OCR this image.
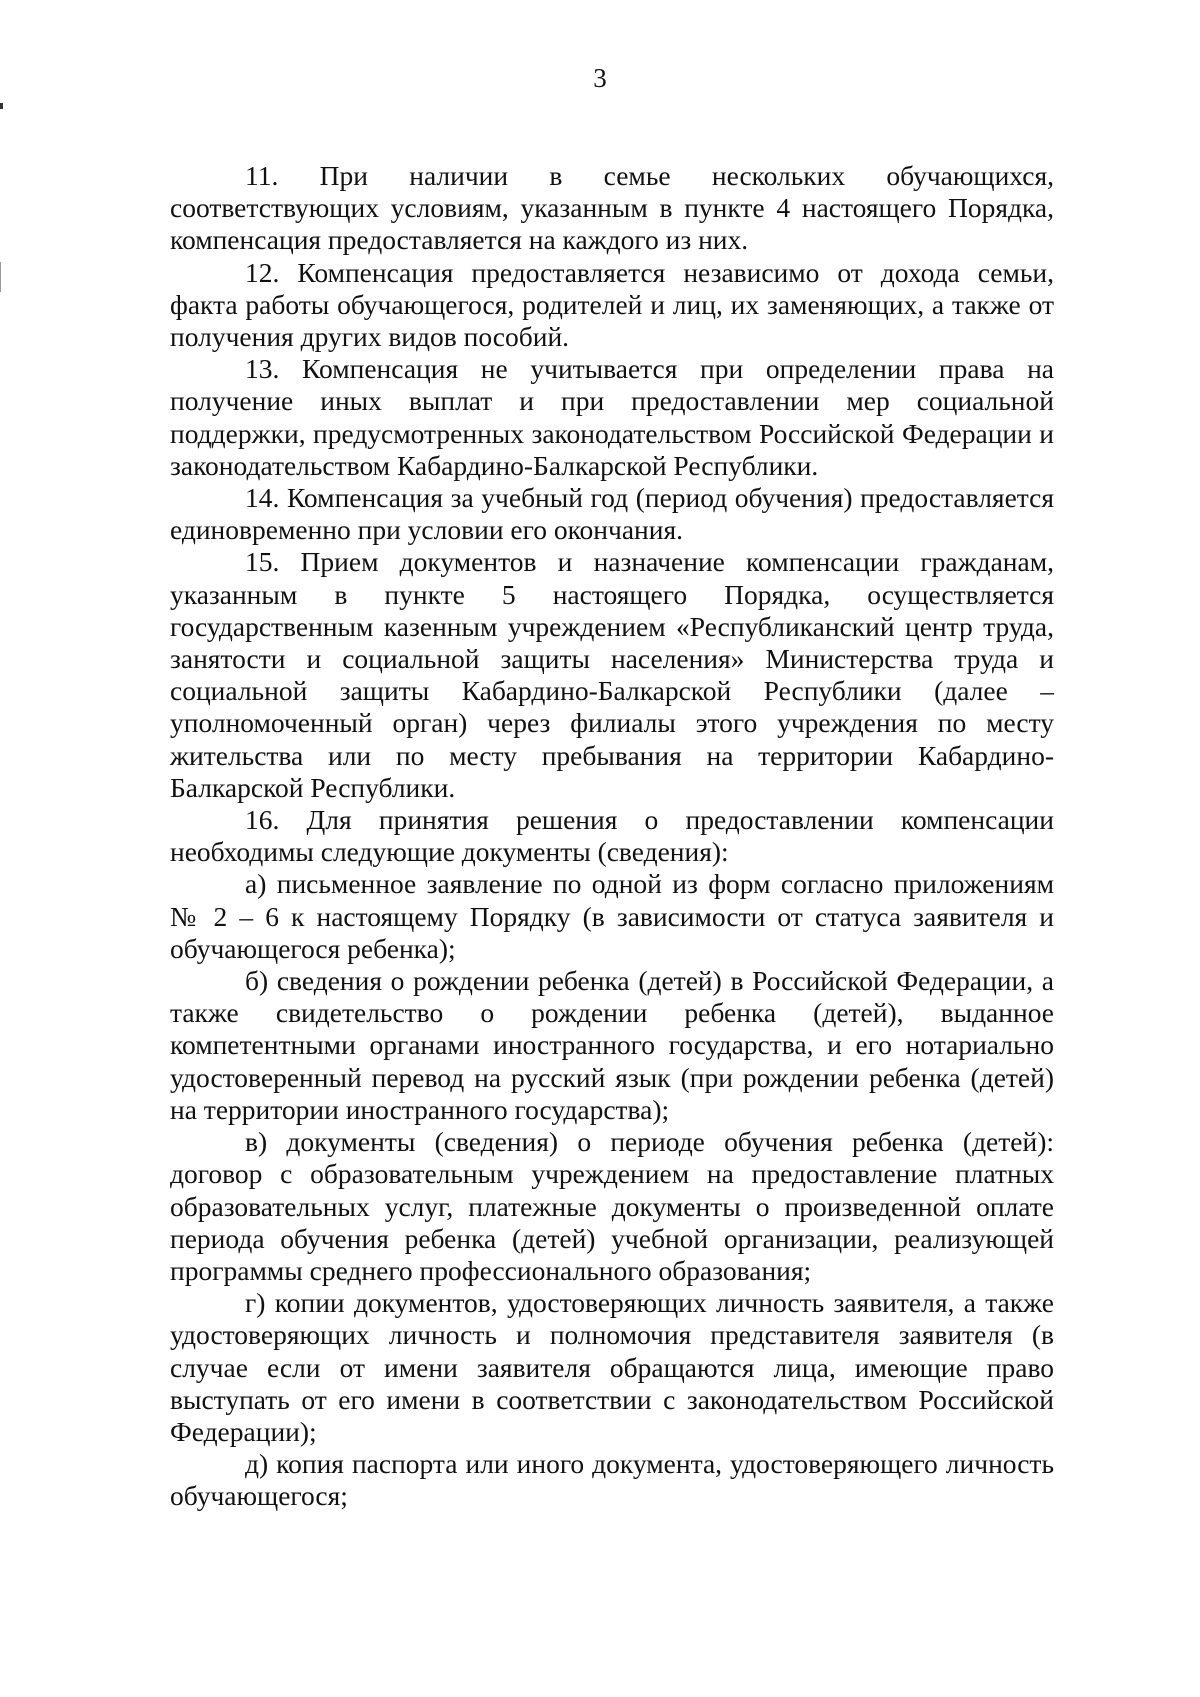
3

11. При наличии в семье нескольких обучающихся, соответствующих условиям, указанным в пункте 4 настоящего Порядка, компенсация предоставляется на каждого из них.

12. Компенсация предоставляется независимо от дохода семьи, факта работы обучающегося, родителей и лиц, их заменяющих, а также от получения других видов пособий.

13. Компенсация не учитывается при определении права на получение иных выплат и при предоставлении мер социальной поддержки, предусмотренных законодательством Российской Федерации и законодательством Кабардино-Балкарской Республики.

14. Компенсация за учебный год (период обучения) предоставляется единовременно при условии его окончания.

15. Прием документов и назначение компенсации гражданам, указанным в пункте 5 настоящего Порядка, осуществляется государственным казенным учреждением «Республиканский центр труда, занятости и социальной защиты населения» Министерства труда и социальной защиты Кабардино-Балкарской Республики (далее – уполномоченный орган) через филиалы этого учреждения по месту жительства или по месту пребывания на территории Кабардино-Балкарской Республики.

16. Для принятия решения о предоставлении компенсации необходимы следующие документы (сведения):

а) письменное заявление по одной из форм согласно приложениям № 2 – 6 к настоящему Порядку (в зависимости от статуса заявителя и обучающегося ребенка);

б) сведения о рождении ребенка (детей) в Российской Федерации, а также свидетельство о рождении ребенка (детей), выданное компетентными органами иностранного государства, и его нотариально удостоверенный перевод на русский язык (при рождении ребенка (детей) на территории иностранного государства);

в) документы (сведения) о периоде обучения ребенка (детей): договор с образовательным учреждением на предоставление платных образовательных услуг, платежные документы о произведенной оплате периода обучения ребенка (детей) учебной организации, реализующей программы среднего профессионального образования;

г) копии документов, удостоверяющих личность заявителя, а также удостоверяющих личность и полномочия представителя заявителя (в случае если от имени заявителя обращаются лица, имеющие право выступать от его имени в соответствии с законодательством Российской Федерации);

д) копия паспорта или иного документа, удостоверяющего личность обучающегося;
